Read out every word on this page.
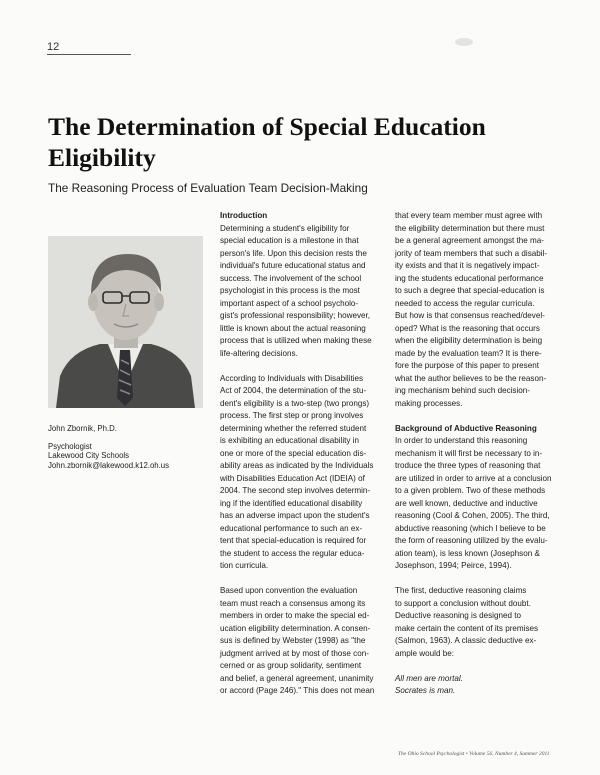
12
The Determination of Special Education
Eligibility
The Reasoning Process of Evaluation Team Decision-Making
John Zbornik, Ph.D.
Psychologist
Lakewood City Schools
John.zbornik@lakewood.k12.oh.us
Introduction
Determining a student's eligibility for
special education is a milestone in that
person's life. Upon this decision rests the
individual's future educational status and
success. The involvement of the school
psychologist in this process is the most
important aspect of a school psycholo-
gist's professional responsibility; however,
little is known about the actual reasoning
process that is utilized when making these
life-altering decisions.
According to Individuals with Disabilities
Act of 2004, the determination of the stu-
dent's eligibility is a two-step (two prongs)
process. The first step or prong involves
determining whether the referred student
is exhibiting an educational disability in
one or more of the special education dis-
ability areas as indicated by the Individuals
with Disabilities Education Act (IDEIA) of
2004. The second step involves determin-
ing if the identified educational disability
has an adverse impact upon the student's
educational performance to such an ex-
tent that special-education is required for
the student to access the regular educa-
tion curricula.
Based upon convention the evaluation
team must reach a consensus among its
members in order to make the special ed-
ucation eligibility determination. A consen-
sus is defined by Webster (1998) as "the
judgment arrived at by most of those con-
cerned or as group solidarity, sentiment
and belief, a general agreement, unanimity
or accord (Page 246)." This does not mean
that every team member must agree with
the eligibility determination but there must
be a general agreement amongst the ma-
jority of team members that such a disabil-
ity exists and that it is negatively impact-
ing the students educational performance
to such a degree that special-education is
needed to access the regular curricula.
But how is that consensus reached/devel-
oped? What is the reasoning that occurs
when the eligibility determination is being
made by the evaluation team? It is there-
fore the purpose of this paper to present
what the author believes to be the reason-
ing mechanism behind such decision-
making processes.
Background of Abductive Reasoning
In order to understand this reasoning
mechanism it will first be necessary to in-
troduce the three types of reasoning that
are utilized in order to arrive at a conclusion
to a given problem. Two of these methods
are well known, deductive and inductive
reasoning (Cool & Cohen, 2005). The third,
abductive reasoning (which I believe to be
the form of reasoning utilized by the evalu-
ation team), is less known (Josephson &
Josephson, 1994; Peirce, 1994).
The first, deductive reasoning claims
to support a conclusion without doubt.
Deductive reasoning is designed to
make certain the content of its premises
(Salmon, 1963). A classic deductive ex-
ample would be:
All men are mortal.
Socrates is man.
The Ohio School Psychologist • Volume 56, Number 4, Summer 2011
